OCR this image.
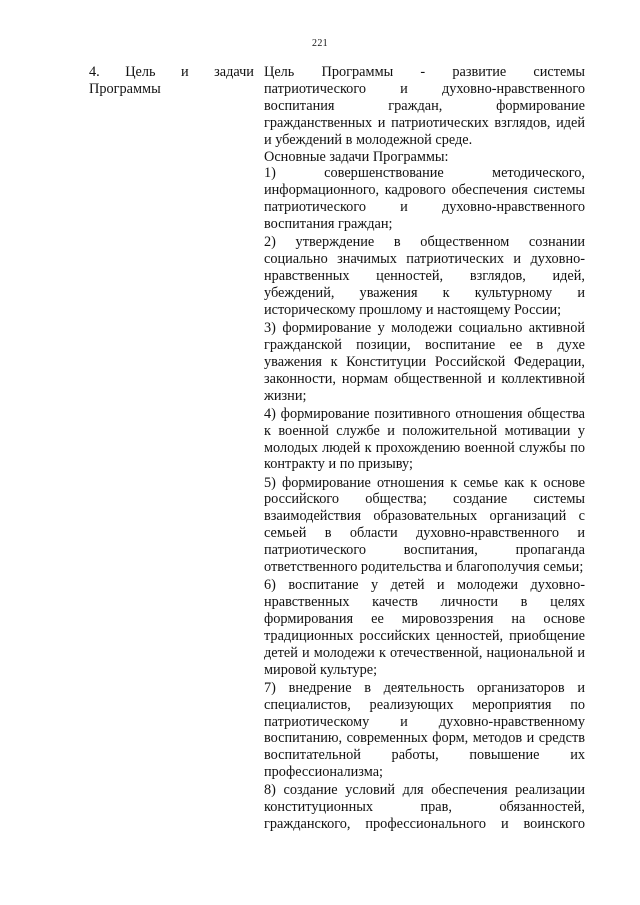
221
4. Цель и задачи
Программы

Цель Программы - развитие системы патриотического и духовно-нравственного воспитания граждан, формирование гражданственных и патриотических взглядов, идей и убеждений в молодежной среде.

Основные задачи Программы:

1) совершенствование методического, информационного, кадрового обеспечения системы патриотического и духовно-нравственного воспитания граждан;

2) утверждение в общественном сознании социально значимых патриотических и духовно-нравственных ценностей, взглядов, идей, убеждений, уважения к культурному и историческому прошлому и настоящему России;

3) формирование у молодежи социально активной гражданской позиции, воспитание ее в духе уважения к Конституции Российской Федерации, законности, нормам общественной и коллективной жизни;

4) формирование позитивного отношения общества к военной службе и положительной мотивации у молодых людей к прохождению военной службы по контракту и по призыву;

5) формирование отношения к семье как к основе российского общества; создание системы взаимодействия образовательных организаций с семьей в области духовно-нравственного и патриотического воспитания, пропаганда ответственного родительства и благополучия семьи;

6) воспитание у детей и молодежи духовно-нравственных качеств личности в целях формирования ее мировоззрения на основе традиционных российских ценностей, приобщение детей и молодежи к отечественной, национальной и мировой культуре;

7) внедрение в деятельность организаторов и специалистов, реализующих мероприятия по патриотическому и духовно-нравственному воспитанию, современных форм, методов и средств воспитательной работы, повышение их профессионализма;

8) создание условий для обеспечения реализации конституционных прав, обязанностей, гражданского, профессионального и воинского
